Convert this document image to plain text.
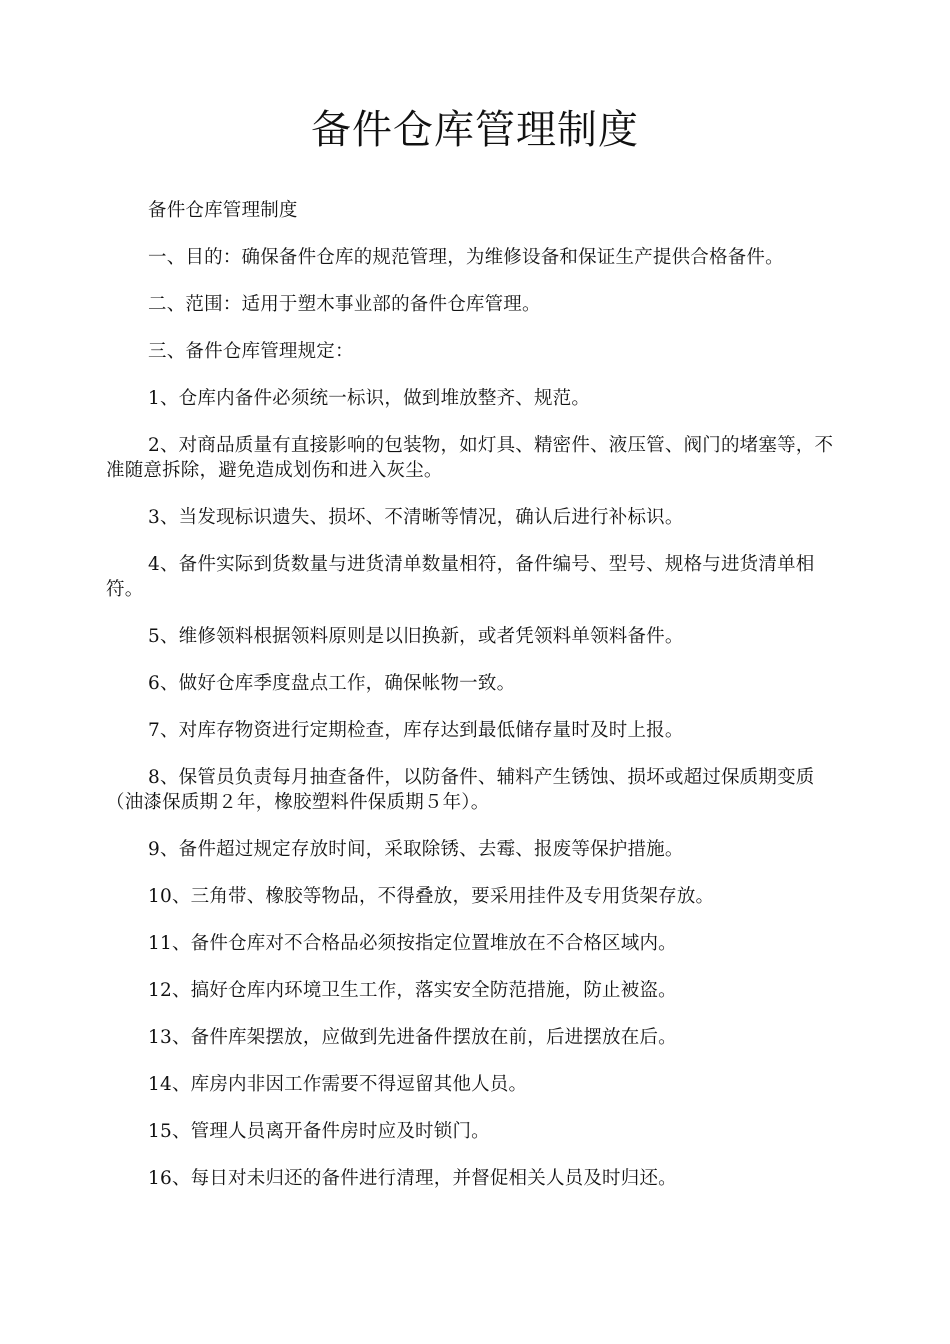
备件仓库管理制度

备件仓库管理制度

一、目的：确保备件仓库的规范管理，为维修设备和保证生产提供合格备件。

二、范围：适用于塑木事业部的备件仓库管理。

三、备件仓库管理规定：

1、仓库内备件必须统一标识，做到堆放整齐、规范。

2、对商品质量有直接影响的包装物，如灯具、精密件、液压管、阀门的堵塞等，不准随意拆除，避免造成划伤和进入灰尘。

3、当发现标识遗失、损坏、不清晰等情况，确认后进行补标识。

4、备件实际到货数量与进货清单数量相符，备件编号、型号、规格与进货清单相符。

5、维修领料根据领料原则是以旧换新，或者凭领料单领料备件。

6、做好仓库季度盘点工作，确保帐物一致。

7、对库存物资进行定期检查，库存达到最低储存量时及时上报。

8、保管员负责每月抽查备件，以防备件、辅料产生锈蚀、损坏或超过保质期变质（油漆保质期２年，橡胶塑料件保质期５年）。

9、备件超过规定存放时间，采取除锈、去霉、报废等保护措施。

10、三角带、橡胶等物品，不得叠放，要采用挂件及专用货架存放。

11、备件仓库对不合格品必须按指定位置堆放在不合格区域内。

12、搞好仓库内环境卫生工作，落实安全防范措施，防止被盗。

13、备件库架摆放，应做到先进备件摆放在前，后进摆放在后。

14、库房内非因工作需要不得逗留其他人员。

15、管理人员离开备件房时应及时锁门。

16、每日对未归还的备件进行清理，并督促相关人员及时归还。
